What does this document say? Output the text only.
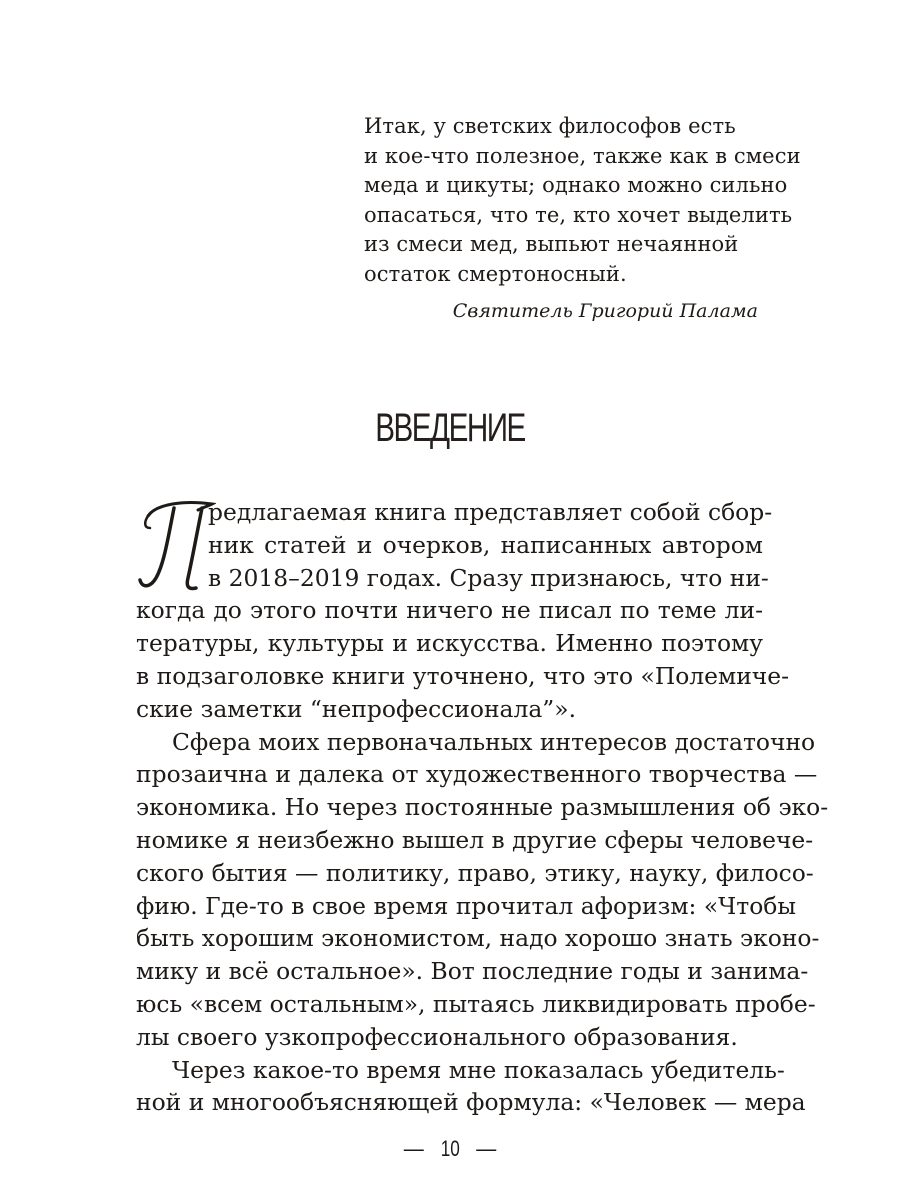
Итак, у светских философов есть
и кое-что полезное, также как в смеси
меда и цикуты; однако можно сильно
опасаться, что те, кто хочет выделить
из смеси мед, выпьют нечаянной
остаток смертоносный.
Святитель Григорий Палама
ВВЕДЕНИЕ
редлагаемая книга представляет собой сбор-
ник статей и очерков, написанных автором
в 2018–2019 годах. Сразу признаюсь, что ни-
когда до этого почти ничего не писал по теме ли-
тературы, культуры и искусства. Именно поэтому
в подзаголовке книги уточнено, что это «Полемиче-
ские заметки “непрофессионала”».
Сфера моих первоначальных интересов достаточно
прозаична и далека от художественного творчества —
экономика. Но через постоянные размышления об эко-
номике я неизбежно вышел в другие сферы человече-
ского бытия — политику, право, этику, науку, филосо-
фию. Где-то в свое время прочитал афоризм: «Чтобы
быть хорошим экономистом, надо хорошо знать эконо-
мику и всё остальное». Вот последние годы и занима-
юсь «всем остальным», пытаясь ликвидировать пробе-
лы своего узкопрофессионального образования.
Через какое-то время мне показалась убедитель-
ной и многообъясняющей формула: «Человек — мера
— 10 —
